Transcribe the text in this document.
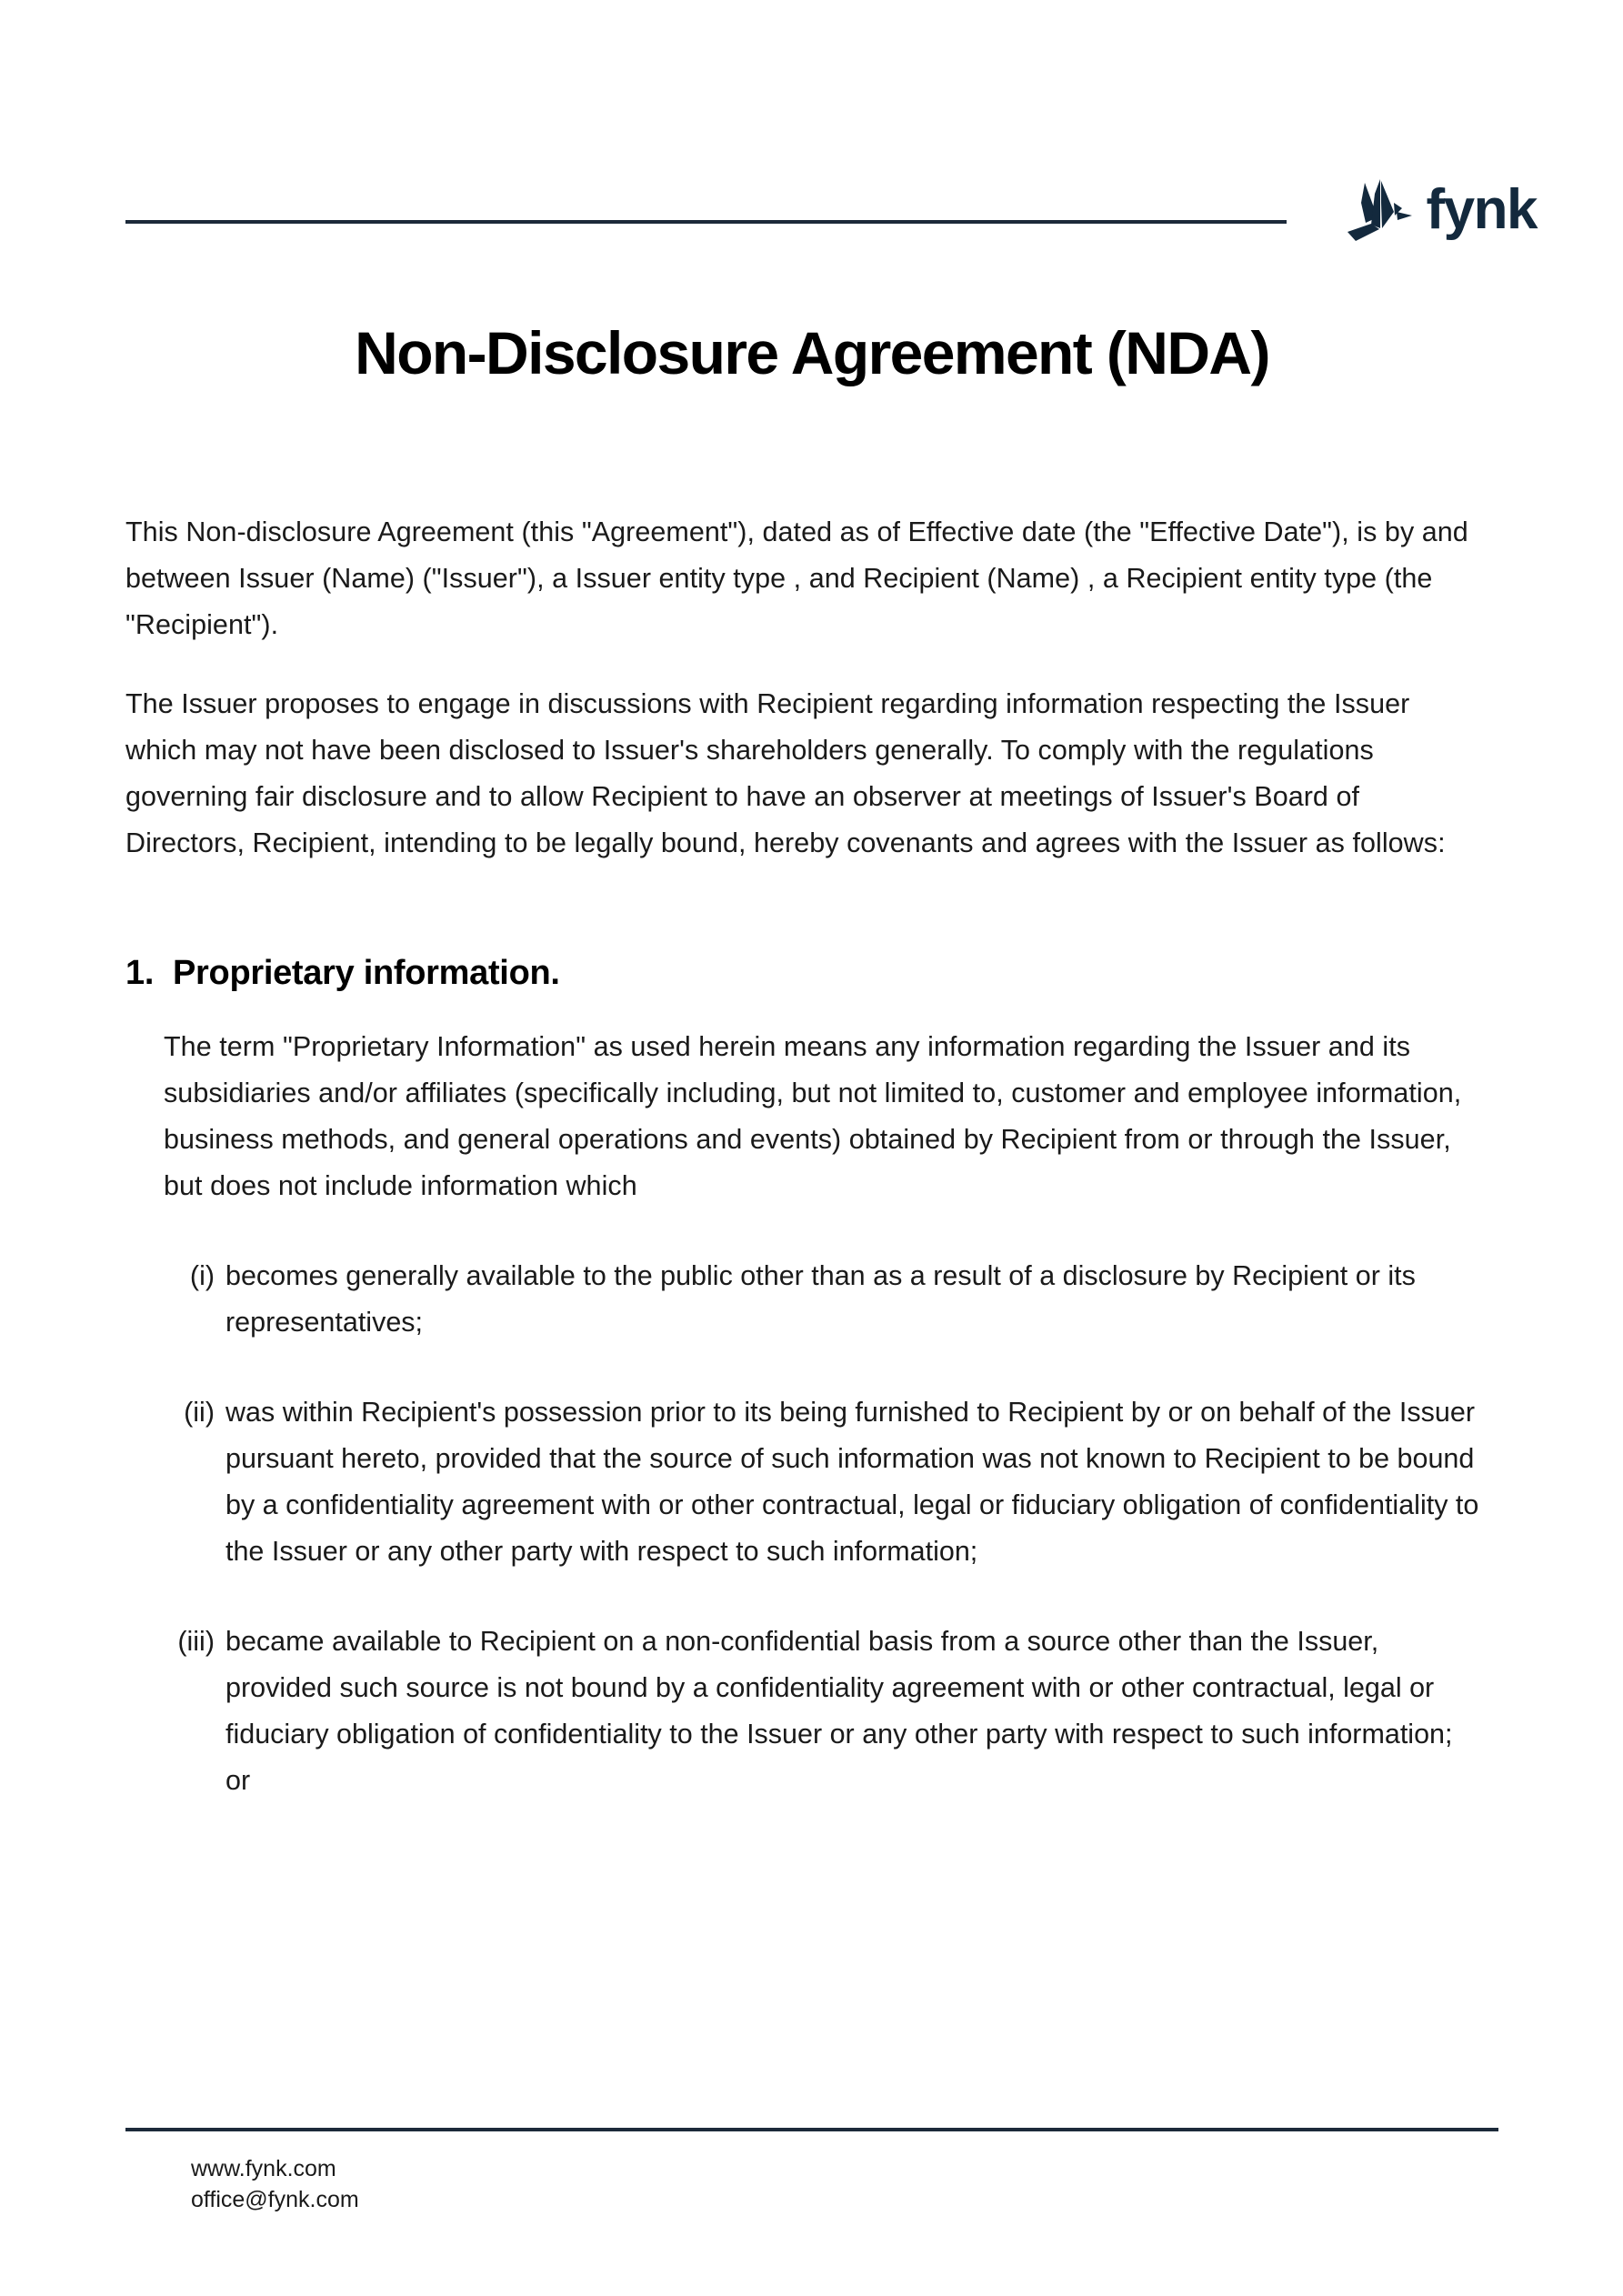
fynk
Non-Disclosure Agreement (NDA)

This Non-disclosure Agreement (this "Agreement"), dated as of Effective date (the "Effective Date"), is by and between Issuer (Name) ("Issuer"), a Issuer entity type , and Recipient (Name) , a Recipient entity type (the "Recipient").

The Issuer proposes to engage in discussions with Recipient regarding information respecting the Issuer which may not have been disclosed to Issuer's shareholders generally. To comply with the regulations governing fair disclosure and to allow Recipient to have an observer at meetings of Issuer's Board of Directors, Recipient, intending to be legally bound, hereby covenants and agrees with the Issuer as follows:

1. Proprietary information.

The term "Proprietary Information" as used herein means any information regarding the Issuer and its subsidiaries and/or affiliates (specifically including, but not limited to, customer and employee information, business methods, and general operations and events) obtained by Recipient from or through the Issuer, but does not include information which

(i) becomes generally available to the public other than as a result of a disclosure by Recipient or its representatives;
(ii) was within Recipient's possession prior to its being furnished to Recipient by or on behalf of the Issuer pursuant hereto, provided that the source of such information was not known to Recipient to be bound by a confidentiality agreement with or other contractual, legal or fiduciary obligation of confidentiality to the Issuer or any other party with respect to such information;
(iii) became available to Recipient on a non-confidential basis from a source other than the Issuer, provided such source is not bound by a confidentiality agreement with or other contractual, legal or fiduciary obligation of confidentiality to the Issuer or any other party with respect to such information; or
www.fynk.com
office@fynk.com
